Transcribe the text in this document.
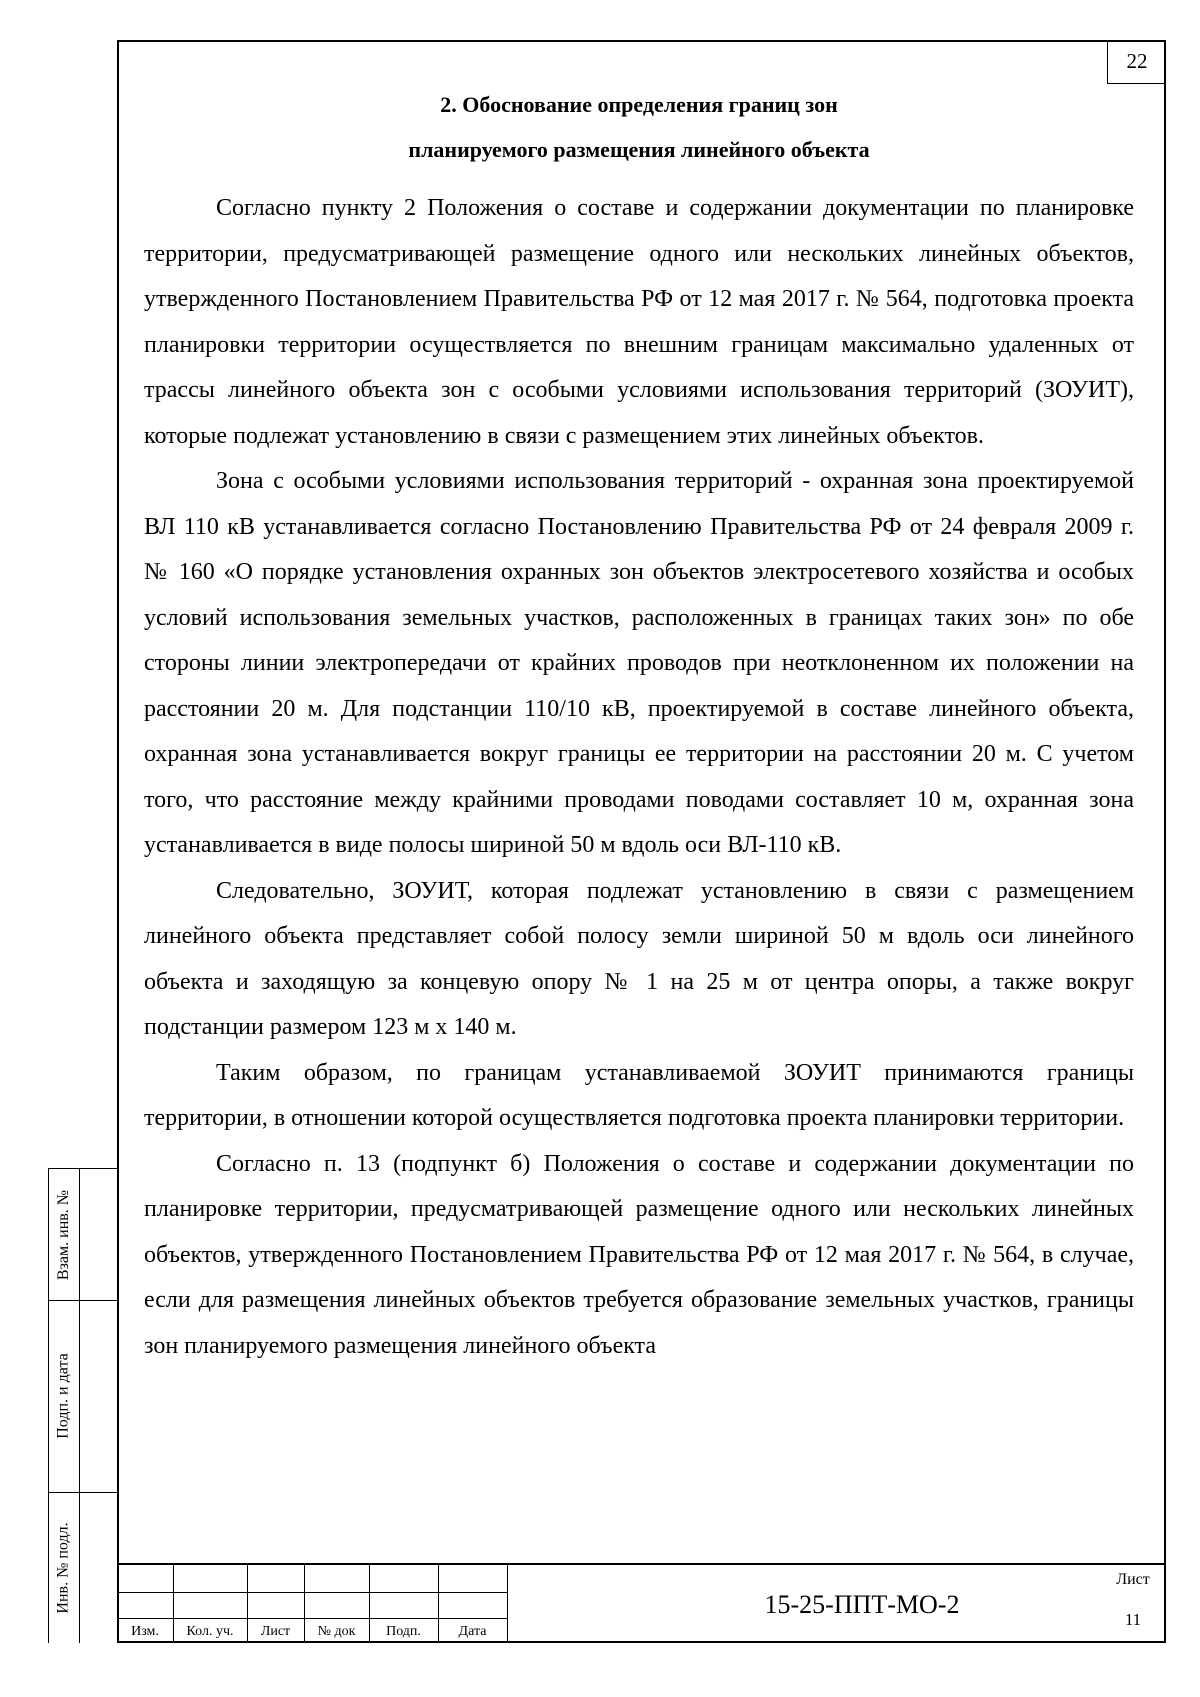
22
2. Обоснование определения границ зон
планируемого размещения линейного объекта

Согласно пункту 2 Положения о составе и содержании документации по планировке территории, предусматривающей размещение одного или нескольких линейных объектов, утвержденного Постановлением Правительства РФ от 12 мая 2017 г. № 564, подготовка проекта планировки территории осуществляется по внешним границам максимально удаленных от трассы линейного объекта зон с особыми условиями использования территорий (ЗОУИТ), которые подлежат установлению в связи с размещением этих линейных объектов.

Зона с особыми условиями использования территорий - охранная зона проектируемой ВЛ 110 кВ устанавливается согласно Постановлению Правительства РФ от 24 февраля 2009 г. № 160 «О порядке установления охранных зон объектов электросетевого хозяйства и особых условий использования земельных участков, расположенных в границах таких зон» по обе стороны линии электропередачи от крайних проводов при неотклоненном их положении на расстоянии 20 м. Для подстанции 110/10 кВ, проектируемой в составе линейного объекта, охранная зона устанавливается вокруг границы ее территории на расстоянии 20 м. С учетом того, что расстояние между крайними проводами поводами составляет 10 м, охранная зона устанавливается в виде полосы шириной 50 м вдоль оси ВЛ-110 кВ.

Следовательно, ЗОУИТ, которая подлежат установлению в связи с размещением линейного объекта представляет собой полосу земли шириной 50 м вдоль оси линейного объекта и заходящую за концевую опору № 1 на 25 м от центра опоры, а также вокруг подстанции размером 123 м х 140 м.

Таким образом, по границам устанавливаемой ЗОУИТ принимаются границы территории, в отношении которой осуществляется подготовка проекта планировки территории.

Согласно п. 13 (подпункт б) Положения о составе и содержании документации по планировке территории, предусматривающей размещение одного или нескольких линейных объектов, утвержденного Постановлением Правительства РФ от 12 мая 2017 г. № 564, в случае, если для размещения линейных объектов требуется образование земельных участков, границы зон планируемого размещения линейного объекта

Взам. инв. №
Подп. и дата
Инв. № подл.
Изм.	Кол. уч.	Лист	№ док	Подп.	Дата
15-25-ППТ-МО-2
Лист
11
